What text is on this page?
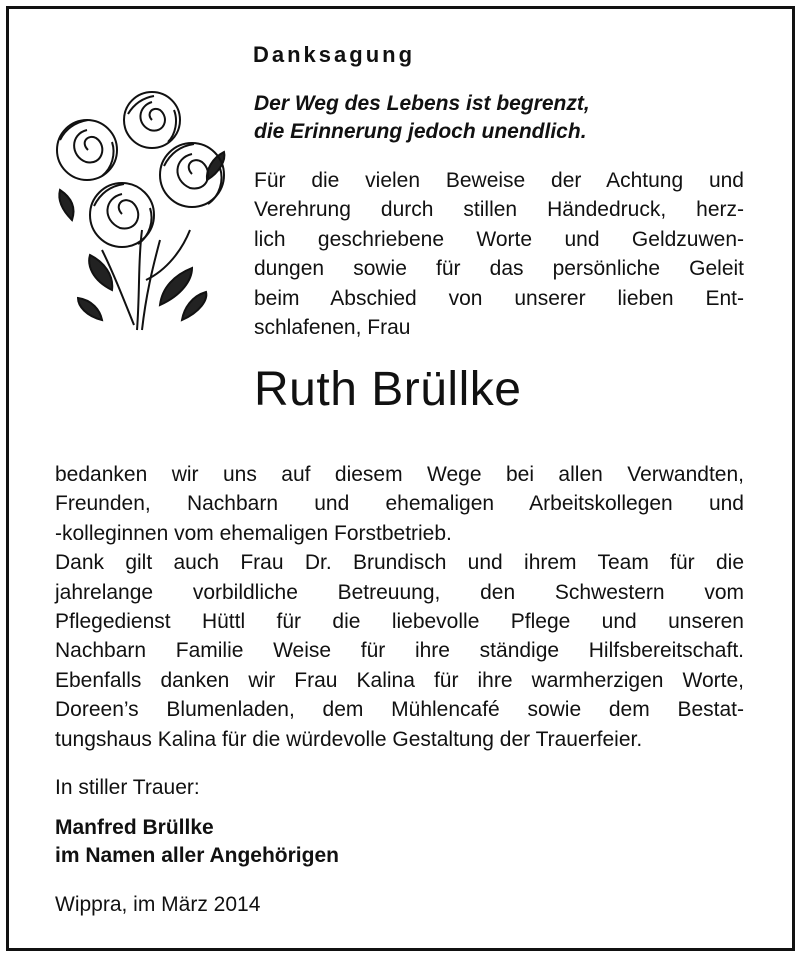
Danksagung

Der Weg des Lebens ist begrenzt,
die Erinnerung jedoch unendlich.

Für die vielen Beweise der Achtung und
Verehrung durch stillen Händedruck, herz-
lich geschriebene Worte und Geldzuwen-
dungen sowie für das persönliche Geleit
beim Abschied von unserer lieben Ent-
schlafenen, Frau

Ruth Brüllke

bedanken wir uns auf diesem Wege bei allen Verwandten,
Freunden, Nachbarn und ehemaligen Arbeitskollegen und
-kolleginnen vom ehemaligen Forstbetrieb.
Dank gilt auch Frau Dr. Brundisch und ihrem Team für die
jahrelange vorbildliche Betreuung, den Schwestern vom
Pflegedienst Hüttl für die liebevolle Pflege und unseren
Nachbarn Familie Weise für ihre ständige Hilfsbereitschaft.
Ebenfalls danken wir Frau Kalina für ihre warmherzigen Worte,
Doreen’s Blumenladen, dem Mühlencafé sowie dem Bestat-
tungshaus Kalina für die würdevolle Gestaltung der Trauerfeier.

In stiller Trauer:

Manfred Brüllke
im Namen aller Angehörigen

Wippra, im März 2014
